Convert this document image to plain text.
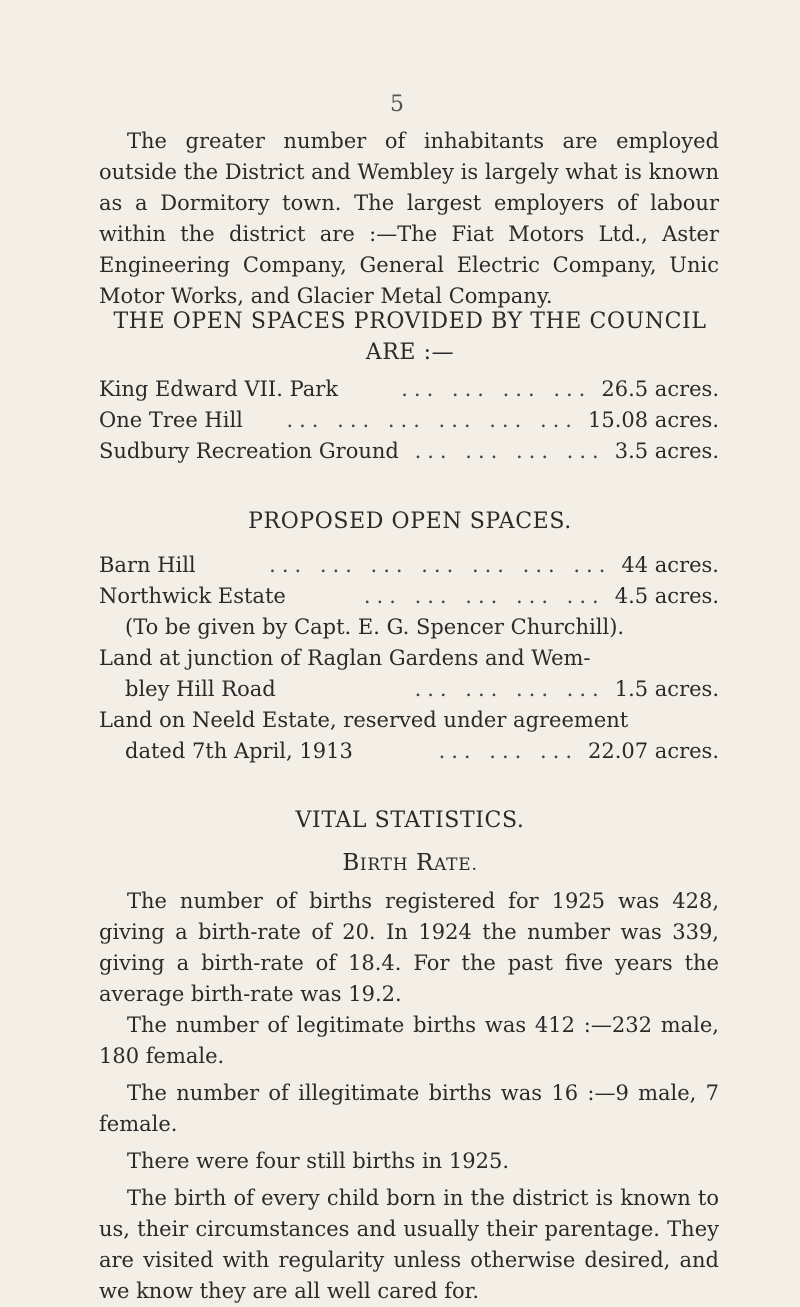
5
The greater number of inhabitants are employed outside the District and Wembley is largely what is known as a Dormitory town. The largest employers of labour within the district are :—The Fiat Motors Ltd., Aster Engineering Company, General Electric Company, Unic Motor Works, and Glacier Metal Company.
THE OPEN SPACES PROVIDED BY THE COUNCIL
ARE :—
King Edward VII. Park	... ... ... ... 26.5 acres.
One Tree Hill	... ... ... ... ... ... 15.08 acres.
Sudbury Recreation Ground ... ... ... ... 3.5 acres.
PROPOSED OPEN SPACES.
Barn Hill	... ... ... ... ... ... ... 44 acres.
Northwick Estate	... ... ... ... ... 4.5 acres.
(To be given by Capt. E. G. Spencer Churchill).
Land at junction of Raglan Gardens and Wem-
bley Hill Road	... ... ... ... 1.5 acres.
Land on Neeld Estate, reserved under agreement
dated 7th April, 1913	... ... ... 22.07 acres.
VITAL STATISTICS.
BIRTH RATE.
The number of births registered for 1925 was 428, giving a birth-rate of 20. In 1924 the number was 339, giving a birth-rate of 18.4. For the past five years the average birth-rate was 19.2.
The number of legitimate births was 412 :—232 male, 180 female.
The number of illegitimate births was 16 :—9 male, 7 female.
There were four still births in 1925.
The birth of every child born in the district is known to us, their circumstances and usually their parentage. They are visited with regularity unless otherwise desired, and we know they are all well cared for.
